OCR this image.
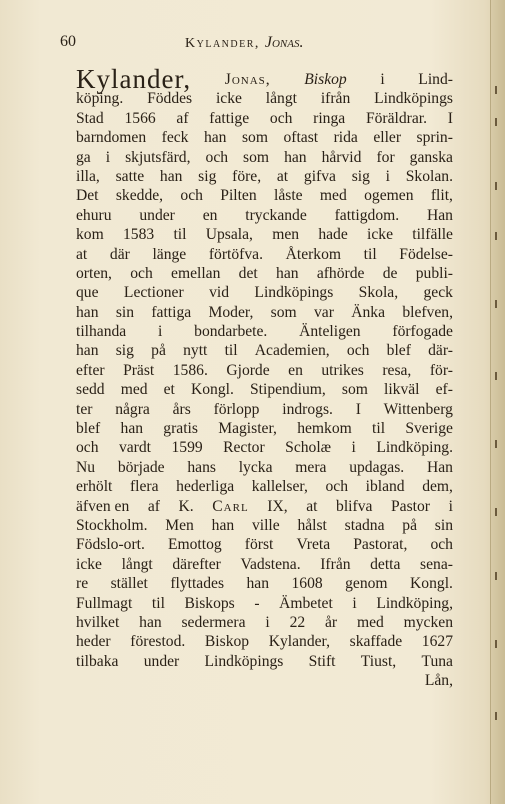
60	Kylander, Jonas.
Kylander, Jonas, Biskop i Lind-
köping. Föddes icke långt ifrån Lindköpings
Stad 1566 af fattige och ringa Föräldrar. I
barndomen feck han som oftast rida eller sprin-
ga i skjutsfärd, och som han hårvid for ganska
illa, satte han sig före, at gifva sig i Skolan.
Det skedde, och Pilten låste med ogemen flit,
ehuru under en tryckande fattigdom. Han
kom 1583 til Upsala, men hade icke tilfälle
at där länge förtöfva. Återkom til Födelse-
orten, och emellan det han afhörde de publi-
que Lectioner vid Lindköpings Skola, geck
han sin fattiga Moder, som var Änka blefven,
tilhanda i bondarbete. Änteligen förfogade
han sig på nytt til Academien, och blef där-
efter Präst 1586. Gjorde en utrikes resa, för-
sedd med et Kongl. Stipendium, som likväl ef-
ter några års förlopp indrogs. I Wittenberg
blef han gratis Magister, hemkom til Sverige
och vardt 1599 Rector Scholæ i Lindköping.
Nu började hans lycka mera updagas. Han
erhölt flera hederliga kallelser, och ibland dem,
äfven en af K. Carl IX, at blifva Pastor i
Stockholm. Men han ville hålst stadna på sin
Födslo-ort. Emottog först Vreta Pastorat, och
icke långt därefter Vadstena. Ifrån detta sena-
re stället flyttades han 1608 genom Kongl.
Fullmagt til Biskops - Ämbetet i Lindköping,
hvilket han sedermera i 22 år med mycken
heder förestod. Biskop Kylander, skaffade 1627
tilbaka under Lindköpings Stift Tiust, Tuna
Lån,
